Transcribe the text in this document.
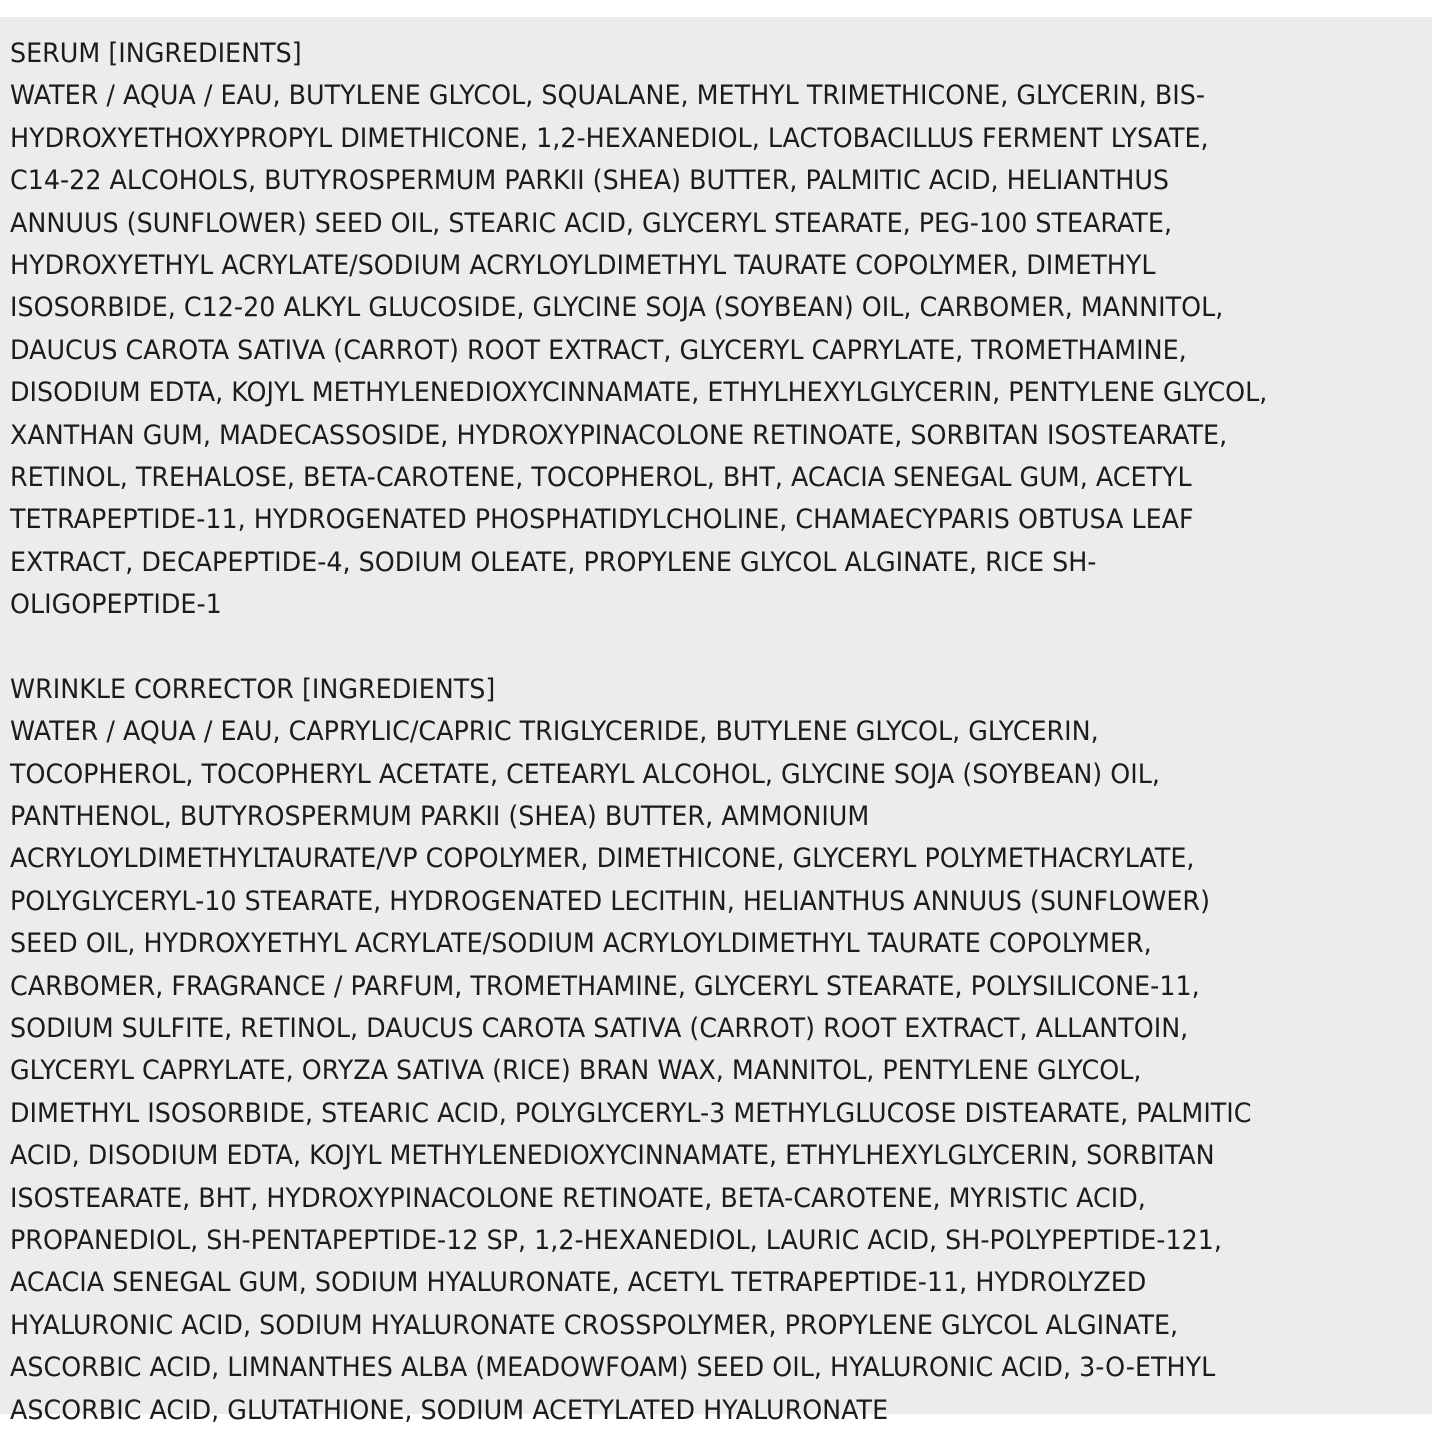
SERUM [INGREDIENTS]
WATER / AQUA / EAU, BUTYLENE GLYCOL, SQUALANE, METHYL TRIMETHICONE, GLYCERIN, BIS-
HYDROXYETHOXYPROPYL DIMETHICONE, 1,2-HEXANEDIOL, LACTOBACILLUS FERMENT LYSATE,
C14-22 ALCOHOLS, BUTYROSPERMUM PARKII (SHEA) BUTTER, PALMITIC ACID, HELIANTHUS
ANNUUS (SUNFLOWER) SEED OIL, STEARIC ACID, GLYCERYL STEARATE, PEG-100 STEARATE,
HYDROXYETHYL ACRYLATE/SODIUM ACRYLOYLDIMETHYL TAURATE COPOLYMER, DIMETHYL
ISOSORBIDE, C12-20 ALKYL GLUCOSIDE, GLYCINE SOJA (SOYBEAN) OIL, CARBOMER, MANNITOL,
DAUCUS CAROTA SATIVA (CARROT) ROOT EXTRACT, GLYCERYL CAPRYLATE, TROMETHAMINE,
DISODIUM EDTA, KOJYL METHYLENEDIOXYCINNAMATE, ETHYLHEXYLGLYCERIN, PENTYLENE GLYCOL,
XANTHAN GUM, MADECASSOSIDE, HYDROXYPINACOLONE RETINOATE, SORBITAN ISOSTEARATE,
RETINOL, TREHALOSE, BETA-CAROTENE, TOCOPHEROL, BHT, ACACIA SENEGAL GUM, ACETYL
TETRAPEPTIDE-11, HYDROGENATED PHOSPHATIDYLCHOLINE, CHAMAECYPARIS OBTUSA LEAF
EXTRACT, DECAPEPTIDE-4, SODIUM OLEATE, PROPYLENE GLYCOL ALGINATE, RICE SH-
OLIGOPEPTIDE-1
WRINKLE CORRECTOR [INGREDIENTS]
WATER / AQUA / EAU, CAPRYLIC/CAPRIC TRIGLYCERIDE, BUTYLENE GLYCOL, GLYCERIN,
TOCOPHEROL, TOCOPHERYL ACETATE, CETEARYL ALCOHOL, GLYCINE SOJA (SOYBEAN) OIL,
PANTHENOL, BUTYROSPERMUM PARKII (SHEA) BUTTER, AMMONIUM
ACRYLOYLDIMETHYLTAURATE/VP COPOLYMER, DIMETHICONE, GLYCERYL POLYMETHACRYLATE,
POLYGLYCERYL-10 STEARATE, HYDROGENATED LECITHIN, HELIANTHUS ANNUUS (SUNFLOWER)
SEED OIL, HYDROXYETHYL ACRYLATE/SODIUM ACRYLOYLDIMETHYL TAURATE COPOLYMER,
CARBOMER, FRAGRANCE / PARFUM, TROMETHAMINE, GLYCERYL STEARATE, POLYSILICONE-11,
SODIUM SULFITE, RETINOL, DAUCUS CAROTA SATIVA (CARROT) ROOT EXTRACT, ALLANTOIN,
GLYCERYL CAPRYLATE, ORYZA SATIVA (RICE) BRAN WAX, MANNITOL, PENTYLENE GLYCOL,
DIMETHYL ISOSORBIDE, STEARIC ACID, POLYGLYCERYL-3 METHYLGLUCOSE DISTEARATE, PALMITIC
ACID, DISODIUM EDTA, KOJYL METHYLENEDIOXYCINNAMATE, ETHYLHEXYLGLYCERIN, SORBITAN
ISOSTEARATE, BHT, HYDROXYPINACOLONE RETINOATE, BETA-CAROTENE, MYRISTIC ACID,
PROPANEDIOL, SH-PENTAPEPTIDE-12 SP, 1,2-HEXANEDIOL, LAURIC ACID, SH-POLYPEPTIDE-121,
ACACIA SENEGAL GUM, SODIUM HYALURONATE, ACETYL TETRAPEPTIDE-11, HYDROLYZED
HYALURONIC ACID, SODIUM HYALURONATE CROSSPOLYMER, PROPYLENE GLYCOL ALGINATE,
ASCORBIC ACID, LIMNANTHES ALBA (MEADOWFOAM) SEED OIL, HYALURONIC ACID, 3-O-ETHYL
ASCORBIC ACID, GLUTATHIONE, SODIUM ACETYLATED HYALURONATE
